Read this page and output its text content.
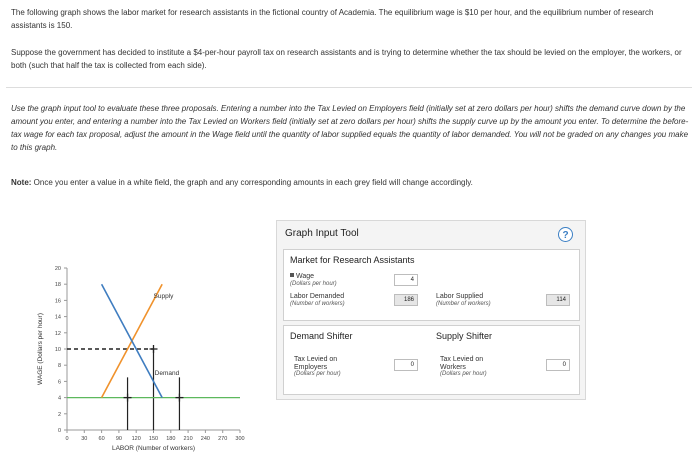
The following graph shows the labor market for research assistants in the fictional country of Academia. The equilibrium wage is $10 per hour, and the equilibrium number of research assistants is 150.

Suppose the government has decided to institute a $4-per-hour payroll tax on research assistants and is trying to determine whether the tax should be levied on the employer, the workers, or both (such that half the tax is collected from each side).

Use the graph input tool to evaluate these three proposals. Entering a number into the Tax Levied on Employers field (initially set at zero dollars per hour) shifts the demand curve down by the amount you enter, and entering a number into the Tax Levied on Workers field (initially set at zero dollars per hour) shifts the supply curve up by the amount you enter. To determine the before-tax wage for each tax proposal, adjust the amount in the Wage field until the quantity of labor supplied equals the quantity of labor demanded. You will not be graded on any changes you make to this graph.

Note: Once you enter a value in a white field, the graph and any corresponding amounts in each grey field will change accordingly.

0
2
4
6
8
10
12
14
16
18
20
0 30 60 90 120 150 180 210 240 270 300
LABOR (Number of workers)
WAGE (Dollars per hour)
Supply
Demand
Graph Input Tool	?
Market for Research Assistants
Wage
(Dollars per hour)
4
Labor Demanded
(Number of workers)
186	Labor Supplied
(Number of workers)
114
Demand Shifter	Supply Shifter
Tax Levied on
Employers
(Dollars per hour)
0
Tax Levied on
Workers
(Dollars per hour)
0
